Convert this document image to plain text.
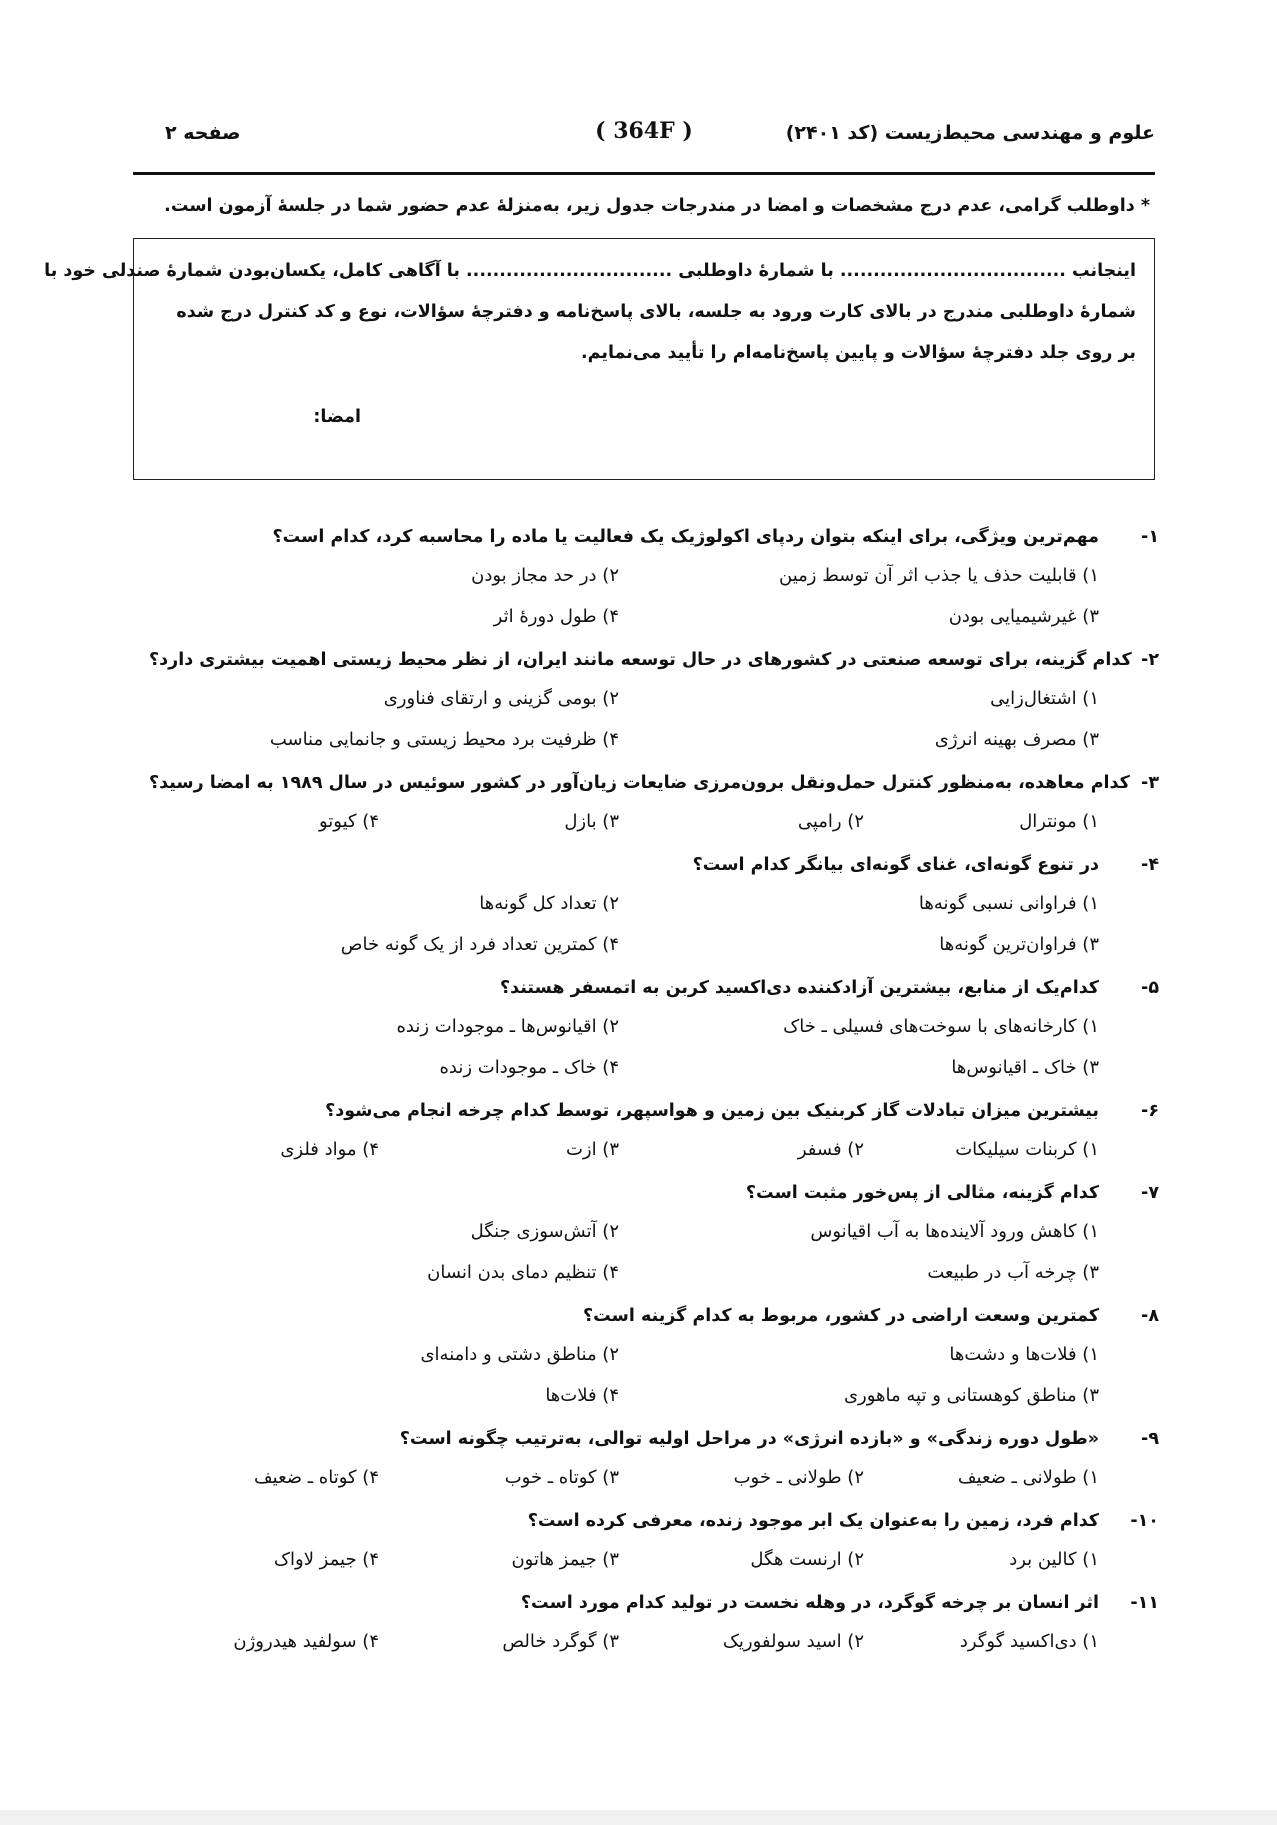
علوم و مهندسی محیط‌زیست (کد ۲۴۰۱)
( 364F )
صفحه ۲
* داوطلب گرامی، عدم درج مشخصات و امضا در مندرجات جدول زیر، به‌منزلهٔ عدم حضور شما در جلسهٔ آزمون است.
اینجانب .................................. با شمارهٔ داوطلبی ............................... با آگاهی کامل، یکسان‌بودن شمارهٔ صندلی خود با
شمارهٔ داوطلبی مندرج در بالای کارت ورود به جلسه، بالای پاسخ‌نامه و دفترچهٔ سؤالات، نوع و کد کنترل درج شده
بر روی جلد دفترچهٔ سؤالات و پایین پاسخ‌نامه‌ام را تأیید می‌نمایم.
امضا:
۱-
مهم‌ترین ویژگی، برای اینکه بتوان ردپای اکولوژیک یک فعالیت یا ماده را محاسبه کرد، کدام است؟
۱) قابلیت حذف یا جذب اثر آن توسط زمین
۲) در حد مجاز بودن
۳) غیرشیمیایی بودن
۴) طول دورهٔ اثر
۲-
کدام گزینه، برای توسعه صنعتی در کشورهای در حال توسعه مانند ایران، از نظر محیط زیستی اهمیت بیشتری دارد؟
۱) اشتغال‌زایی
۲) بومی گزینی و ارتقای فناوری
۳) مصرف بهینه انرژی
۴) ظرفیت برد محیط زیستی و جانمایی مناسب
۳-
کدام معاهده، به‌منظور کنترل حمل‌ونقل برون‌مرزی ضایعات زیان‌آور در کشور سوئیس در سال ۱۹۸۹ به امضا رسید؟
۱) مونترال
۲) رامپی
۳) بازل
۴) کیوتو
۴-
در تنوع گونه‌ای، غنای گونه‌ای بیانگر کدام است؟
۱) فراوانی نسبی گونه‌ها
۲) تعداد کل گونه‌ها
۳) فراوان‌ترین گونه‌ها
۴) کمترین تعداد فرد از یک گونه خاص
۵-
کدام‌یک از منابع، بیشترین آزادکننده دی‌اکسید کربن به اتمسفر هستند؟
۱) کارخانه‌های با سوخت‌های فسیلی ـ خاک
۲) اقیانوس‌ها ـ موجودات زنده
۳) خاک ـ اقیانوس‌ها
۴) خاک ـ موجودات زنده
۶-
بیشترین میزان تبادلات گاز کربنیک بین زمین و هواسپهر، توسط کدام چرخه انجام می‌شود؟
۱) کربنات سیلیکات
۲) فسفر
۳) ازت
۴) مواد فلزی
۷-
کدام گزینه، مثالی از پس‌خور مثبت است؟
۱) کاهش ورود آلاینده‌ها به آب اقیانوس
۲) آتش‌سوزی جنگل
۳) چرخه آب در طبیعت
۴) تنظیم دمای بدن انسان
۸-
کمترین وسعت اراضی در کشور، مربوط به کدام گزینه است؟
۱) فلات‌ها و دشت‌ها
۲) مناطق دشتی و دامنه‌ای
۳) مناطق کوهستانی و تپه ماهوری
۴) فلات‌ها
۹-
«طول دوره زندگی» و «بازده انرژی» در مراحل اولیه توالی، به‌ترتیب چگونه است؟
۱) طولانی ـ ضعیف
۲) طولانی ـ خوب
۳) کوتاه ـ خوب
۴) کوتاه ـ ضعیف
۱۰-
کدام فرد، زمین را به‌عنوان یک ابر موجود زنده، معرفی کرده است؟
۱) کالین برد
۲) ارنست هگل
۳) جیمز هاتون
۴) جیمز لاواک
۱۱-
اثر انسان بر چرخه گوگرد، در وهله نخست در تولید کدام مورد است؟
۱) دی‌اکسید گوگرد
۲) اسید سولفوریک
۳) گوگرد خالص
۴) سولفید هیدروژن
